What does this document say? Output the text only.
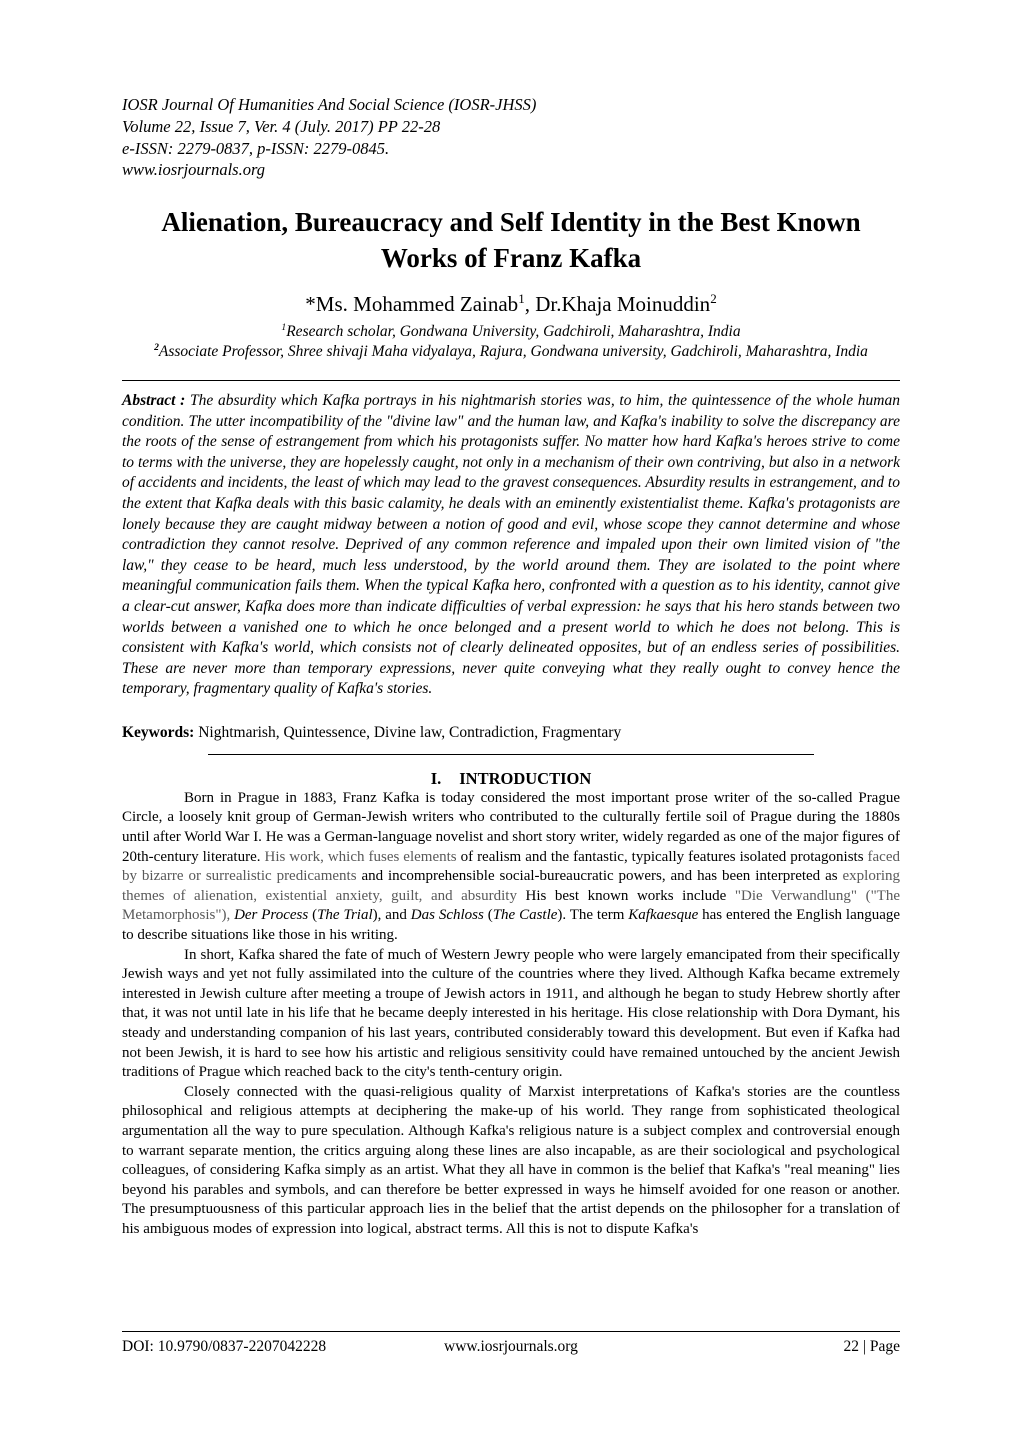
IOSR Journal Of Humanities And Social Science (IOSR-JHSS)
Volume 22, Issue 7, Ver. 4 (July. 2017) PP 22-28
e-ISSN: 2279-0837, p-ISSN: 2279-0845.
www.iosrjournals.org
Alienation, Bureaucracy and Self Identity in the Best Known
Works of Franz Kafka
*Ms. Mohammed Zainab$^1$, Dr.Khaja Moinuddin$^2$
$^1$Research scholar, Gondwana University, Gadchiroli, Maharashtra, India
$^2$Associate Professor, Shree shivaji Maha vidyalaya, Rajura, Gondwana university, Gadchiroli, Maharashtra, India

Abstract : The absurdity which Kafka portrays in his nightmarish stories was, to him, the quintessence of the whole human condition. The utter incompatibility of the "divine law" and the human law, and Kafka's inability to solve the discrepancy are the roots of the sense of estrangement from which his protagonists suffer. No matter how hard Kafka's heroes strive to come to terms with the universe, they are hopelessly caught, not only in a mechanism of their own contriving, but also in a network of accidents and incidents, the least of which may lead to the gravest consequences. Absurdity results in estrangement, and to the extent that Kafka deals with this basic calamity, he deals with an eminently existentialist theme. Kafka's protagonists are lonely because they are caught midway between a notion of good and evil, whose scope they cannot determine and whose contradiction they cannot resolve. Deprived of any common reference and impaled upon their own limited vision of "the law," they cease to be heard, much less understood, by the world around them. They are isolated to the point where meaningful communication fails them. When the typical Kafka hero, confronted with a question as to his identity, cannot give a clear-cut answer, Kafka does more than indicate difficulties of verbal expression: he says that his hero stands between two worlds between a vanished one to which he once belonged and a present world to which he does not belong. This is consistent with Kafka's world, which consists not of clearly delineated opposites, but of an endless series of possibilities. These are never more than temporary expressions, never quite conveying what they really ought to convey hence the temporary, fragmentary quality of Kafka's stories.

Keywords: Nightmarish, Quintessence, Divine law, Contradiction, Fragmentary

I. INTRODUCTION

Born in Prague in 1883, Franz Kafka is today considered the most important prose writer of the so-called Prague Circle, a loosely knit group of German-Jewish writers who contributed to the culturally fertile soil of Prague during the 1880s until after World War I. He was a German-language novelist and short story writer, widely regarded as one of the major figures of 20th-century literature. His work, which fuses elements of realism and the fantastic, typically features isolated protagonists faced by bizarre or surrealistic predicaments and incomprehensible social-bureaucratic powers, and has been interpreted as exploring themes of alienation, existential anxiety, guilt, and absurdity His best known works include "Die Verwandlung" ("The Metamorphosis"), Der Process (The Trial), and Das Schloss (The Castle). The term Kafkaesque has entered the English language to describe situations like those in his writing.

In short, Kafka shared the fate of much of Western Jewry people who were largely emancipated from their specifically Jewish ways and yet not fully assimilated into the culture of the countries where they lived. Although Kafka became extremely interested in Jewish culture after meeting a troupe of Jewish actors in 1911, and although he began to study Hebrew shortly after that, it was not until late in his life that he became deeply interested in his heritage. His close relationship with Dora Dymant, his steady and understanding companion of his last years, contributed considerably toward this development. But even if Kafka had not been Jewish, it is hard to see how his artistic and religious sensitivity could have remained untouched by the ancient Jewish traditions of Prague which reached back to the city's tenth-century origin.

Closely connected with the quasi-religious quality of Marxist interpretations of Kafka's stories are the countless philosophical and religious attempts at deciphering the make-up of his world. They range from sophisticated theological argumentation all the way to pure speculation. Although Kafka's religious nature is a subject complex and controversial enough to warrant separate mention, the critics arguing along these lines are also incapable, as are their sociological and psychological colleagues, of considering Kafka simply as an artist. What they all have in common is the belief that Kafka's "real meaning" lies beyond his parables and symbols, and can therefore be better expressed in ways he himself avoided for one reason or another. The presumptuousness of this particular approach lies in the belief that the artist depends on the philosopher for a translation of his ambiguous modes of expression into logical, abstract terms. All this is not to dispute Kafka's

DOI: 10.9790/0837-2207042228	www.iosrjournals.org	22 | Page
